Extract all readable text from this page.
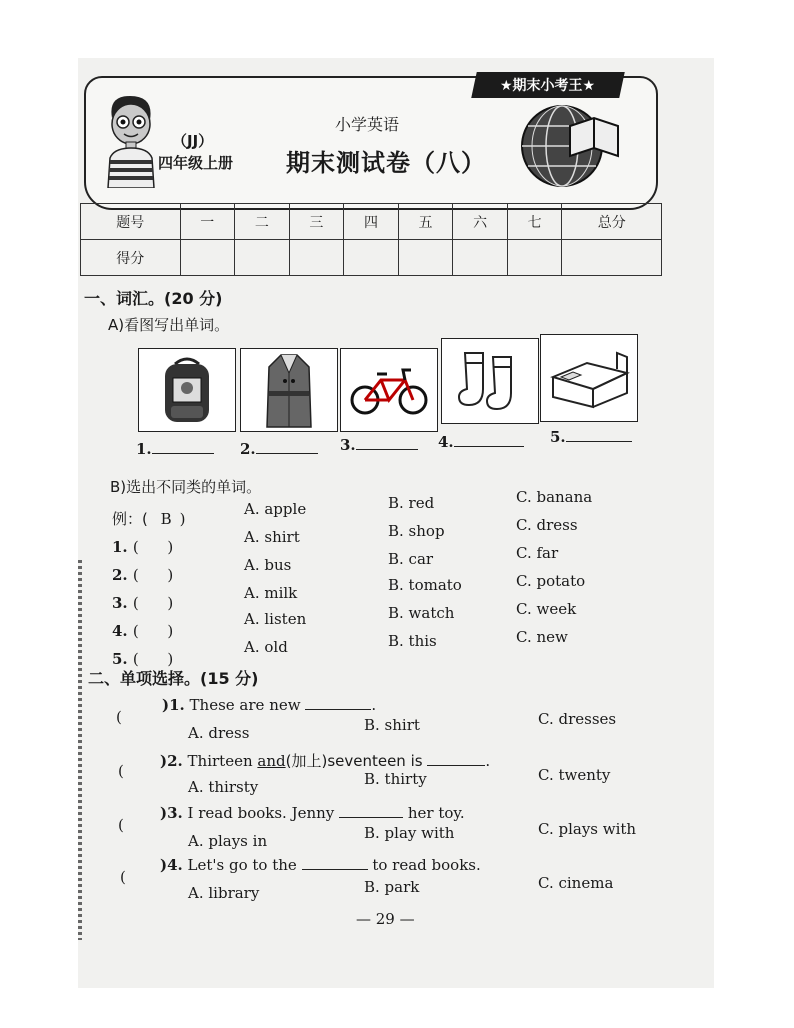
★期末小考王★
（JJ）
四年级上册
小学英语
期末测试卷（八）
题号	一	二	三	四	五	六	七	总分
得分								
一、词汇。(20 分)
A)看图写出单词。
1.	2.	3.	4.	5.
B)选出不同类的单词。
例：( B )
A. apple	B. red	C. banana
1. (      )
A. shirt	B. shop	C. dress
2. (      )
A. bus	B. car	C. far
3. (      )
A. milk	B. tomato	C. potato
4. (      )
A. listen	B. watch	C. week
5. (      )
A. old	B. this	C. new
二、单项选择。(15 分)
(
)1. These are new	.
A. dress	B. shirt	C. dresses
(
)2. Thirteen and(加上)seventeen is	.
A. thirsty	B. thirty	C. twenty
(
)3. I read books. Jenny	her toy.
A. plays in	B. play with	C. plays with
(
)4. Let's go to the	to read books.
A. library	B. park	C. cinema
— 29 —
